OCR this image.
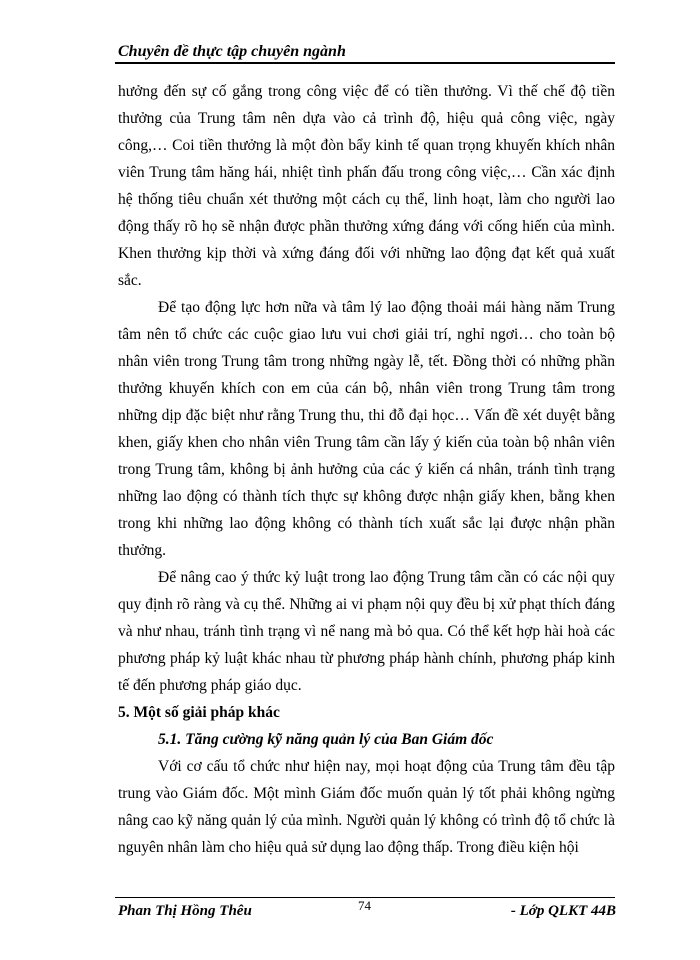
Chuyên đề thực tập chuyên ngành

hưởng đến sự cố gắng trong công việc để có tiền thưởng. Vì thế chế độ tiền thưởng của Trung tâm nên dựa vào cả trình độ, hiệu quả công việc, ngày công,… Coi tiền thưởng là một đòn bẩy kinh tế quan trọng khuyến khích nhân viên Trung tâm hăng hái, nhiệt tình phấn đấu trong công việc,… Cần xác định hệ thống tiêu chuẩn xét thưởng một cách cụ thể, linh hoạt, làm cho người lao động thấy rõ họ sẽ nhận được phần thưởng xứng đáng với cống hiến của mình. Khen thưởng kịp thời và xứng đáng đối với những lao động đạt kết quả xuất sắc.

Để tạo động lực hơn nữa và tâm lý lao động thoải mái hàng năm Trung tâm nên tổ chức các cuộc giao lưu vui chơi giải trí, nghỉ ngơi… cho toàn bộ nhân viên trong Trung tâm trong những ngày lễ, tết. Đồng thời có những phần thưởng khuyến khích con em của cán bộ, nhân viên trong Trung tâm trong những dịp đặc biệt như rằng Trung thu, thi đỗ đại học… Vấn đề xét duyệt bằng khen, giấy khen cho nhân viên Trung tâm cần lấy ý kiến của toàn bộ nhân viên trong Trung tâm, không bị ảnh hưởng của các ý kiến cá nhân, tránh tình trạng những lao động có thành tích thực sự không được nhận giấy khen, bằng khen trong khi những lao động không có thành tích xuất sắc lại được nhận phần thưởng.

Để nâng cao ý thức kỷ luật trong lao động Trung tâm cần có các nội quy quy định rõ ràng và cụ thể. Những ai vi phạm nội quy đều bị xử phạt thích đáng và như nhau, tránh tình trạng vì nể nang mà bỏ qua. Có thể kết hợp hài hoà các phương pháp kỷ luật khác nhau từ phương pháp hành chính, phương pháp kinh tế đến phương pháp giáo dục.

5. Một số giải pháp khác

5.1. Tăng cường kỹ năng quản lý của Ban Giám đốc

Với cơ cấu tổ chức như hiện nay, mọi hoạt động của Trung tâm đều tập trung vào Giám đốc. Một mình Giám đốc muốn quản lý tốt phải không ngừng nâng cao kỹ năng quản lý của mình. Người quản lý không có trình độ tổ chức là nguyên nhân làm cho hiệu quả sử dụng lao động thấp. Trong điều kiện hội

Phan Thị Hồng Thêu	74	- Lớp QLKT 44B
